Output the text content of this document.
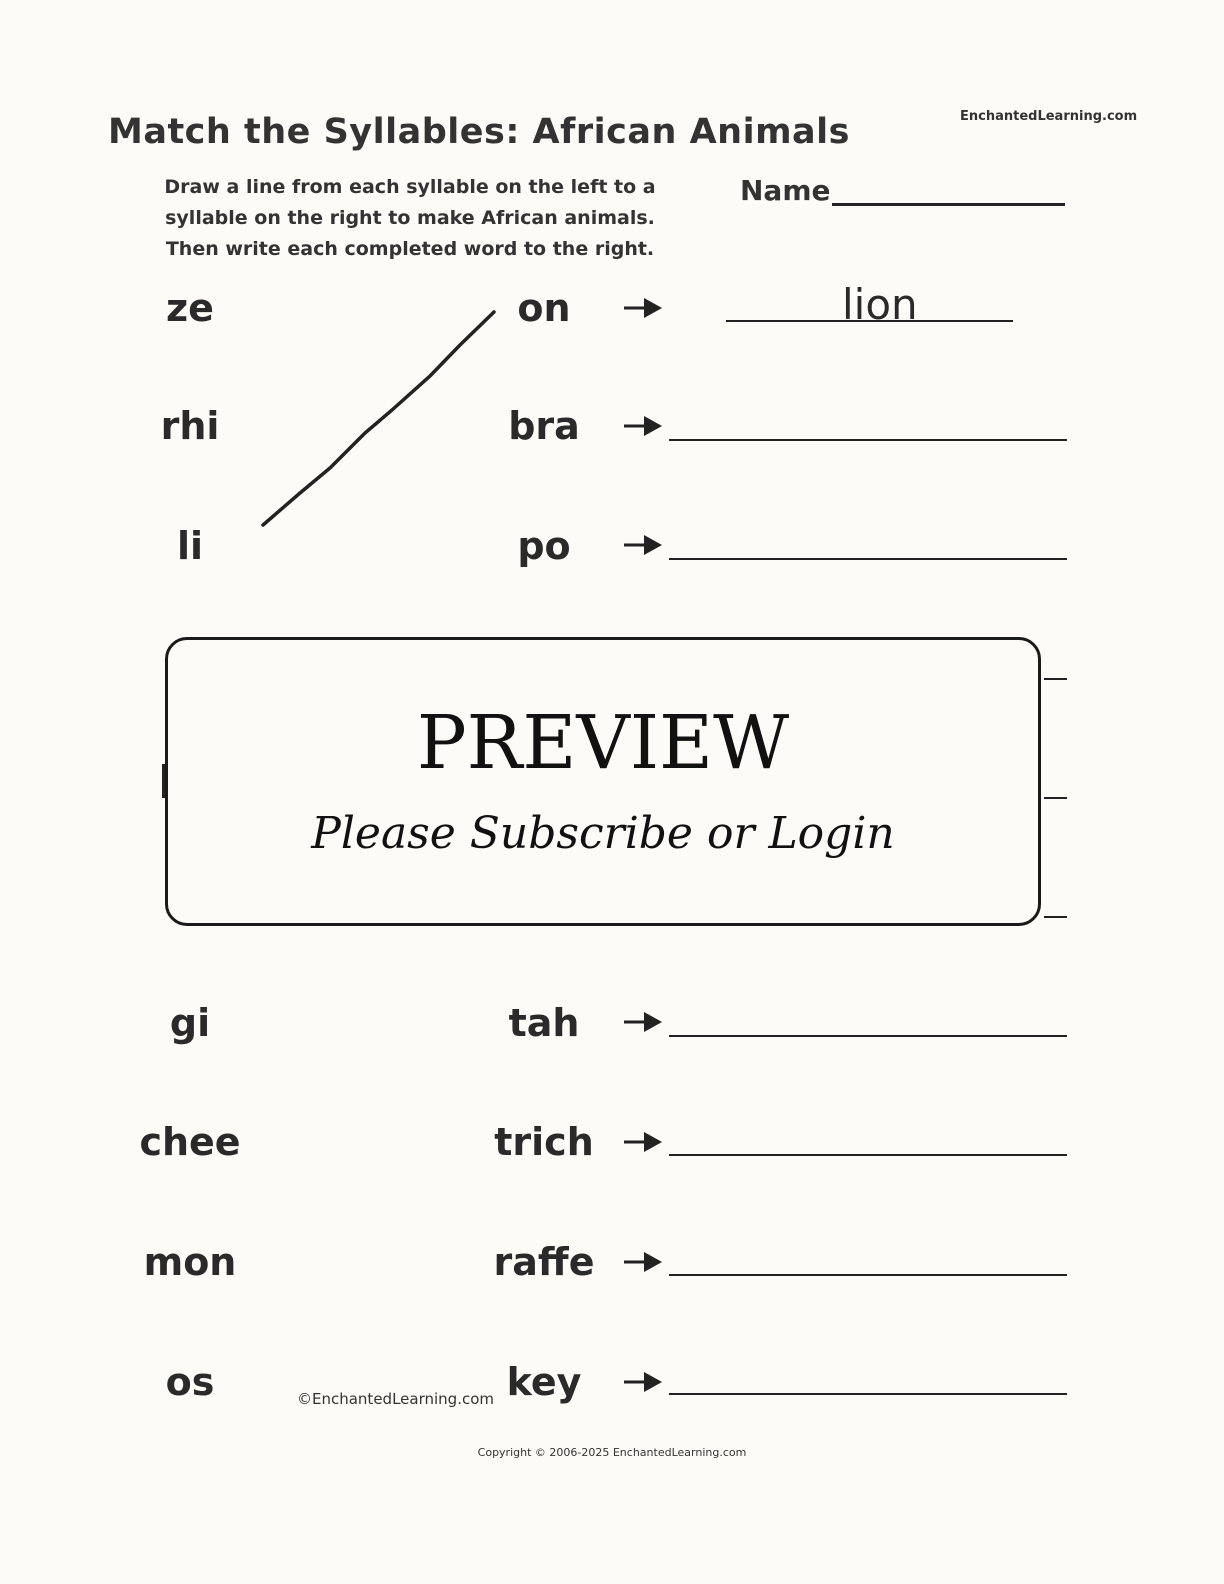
Match the Syllables: African Animals	EnchantedLearning.com
Draw a line from each syllable on the left to a
syllable on the right to make African animals.
Then write each completed word to the right.
Name
ze	on	lion
rhi	bra
li	po
PREVIEW
Please Subscribe or Login
gi	tah
chee	trich
mon	raffe
os	key
©EnchantedLearning.com
Copyright © 2006-2025 EnchantedLearning.com
